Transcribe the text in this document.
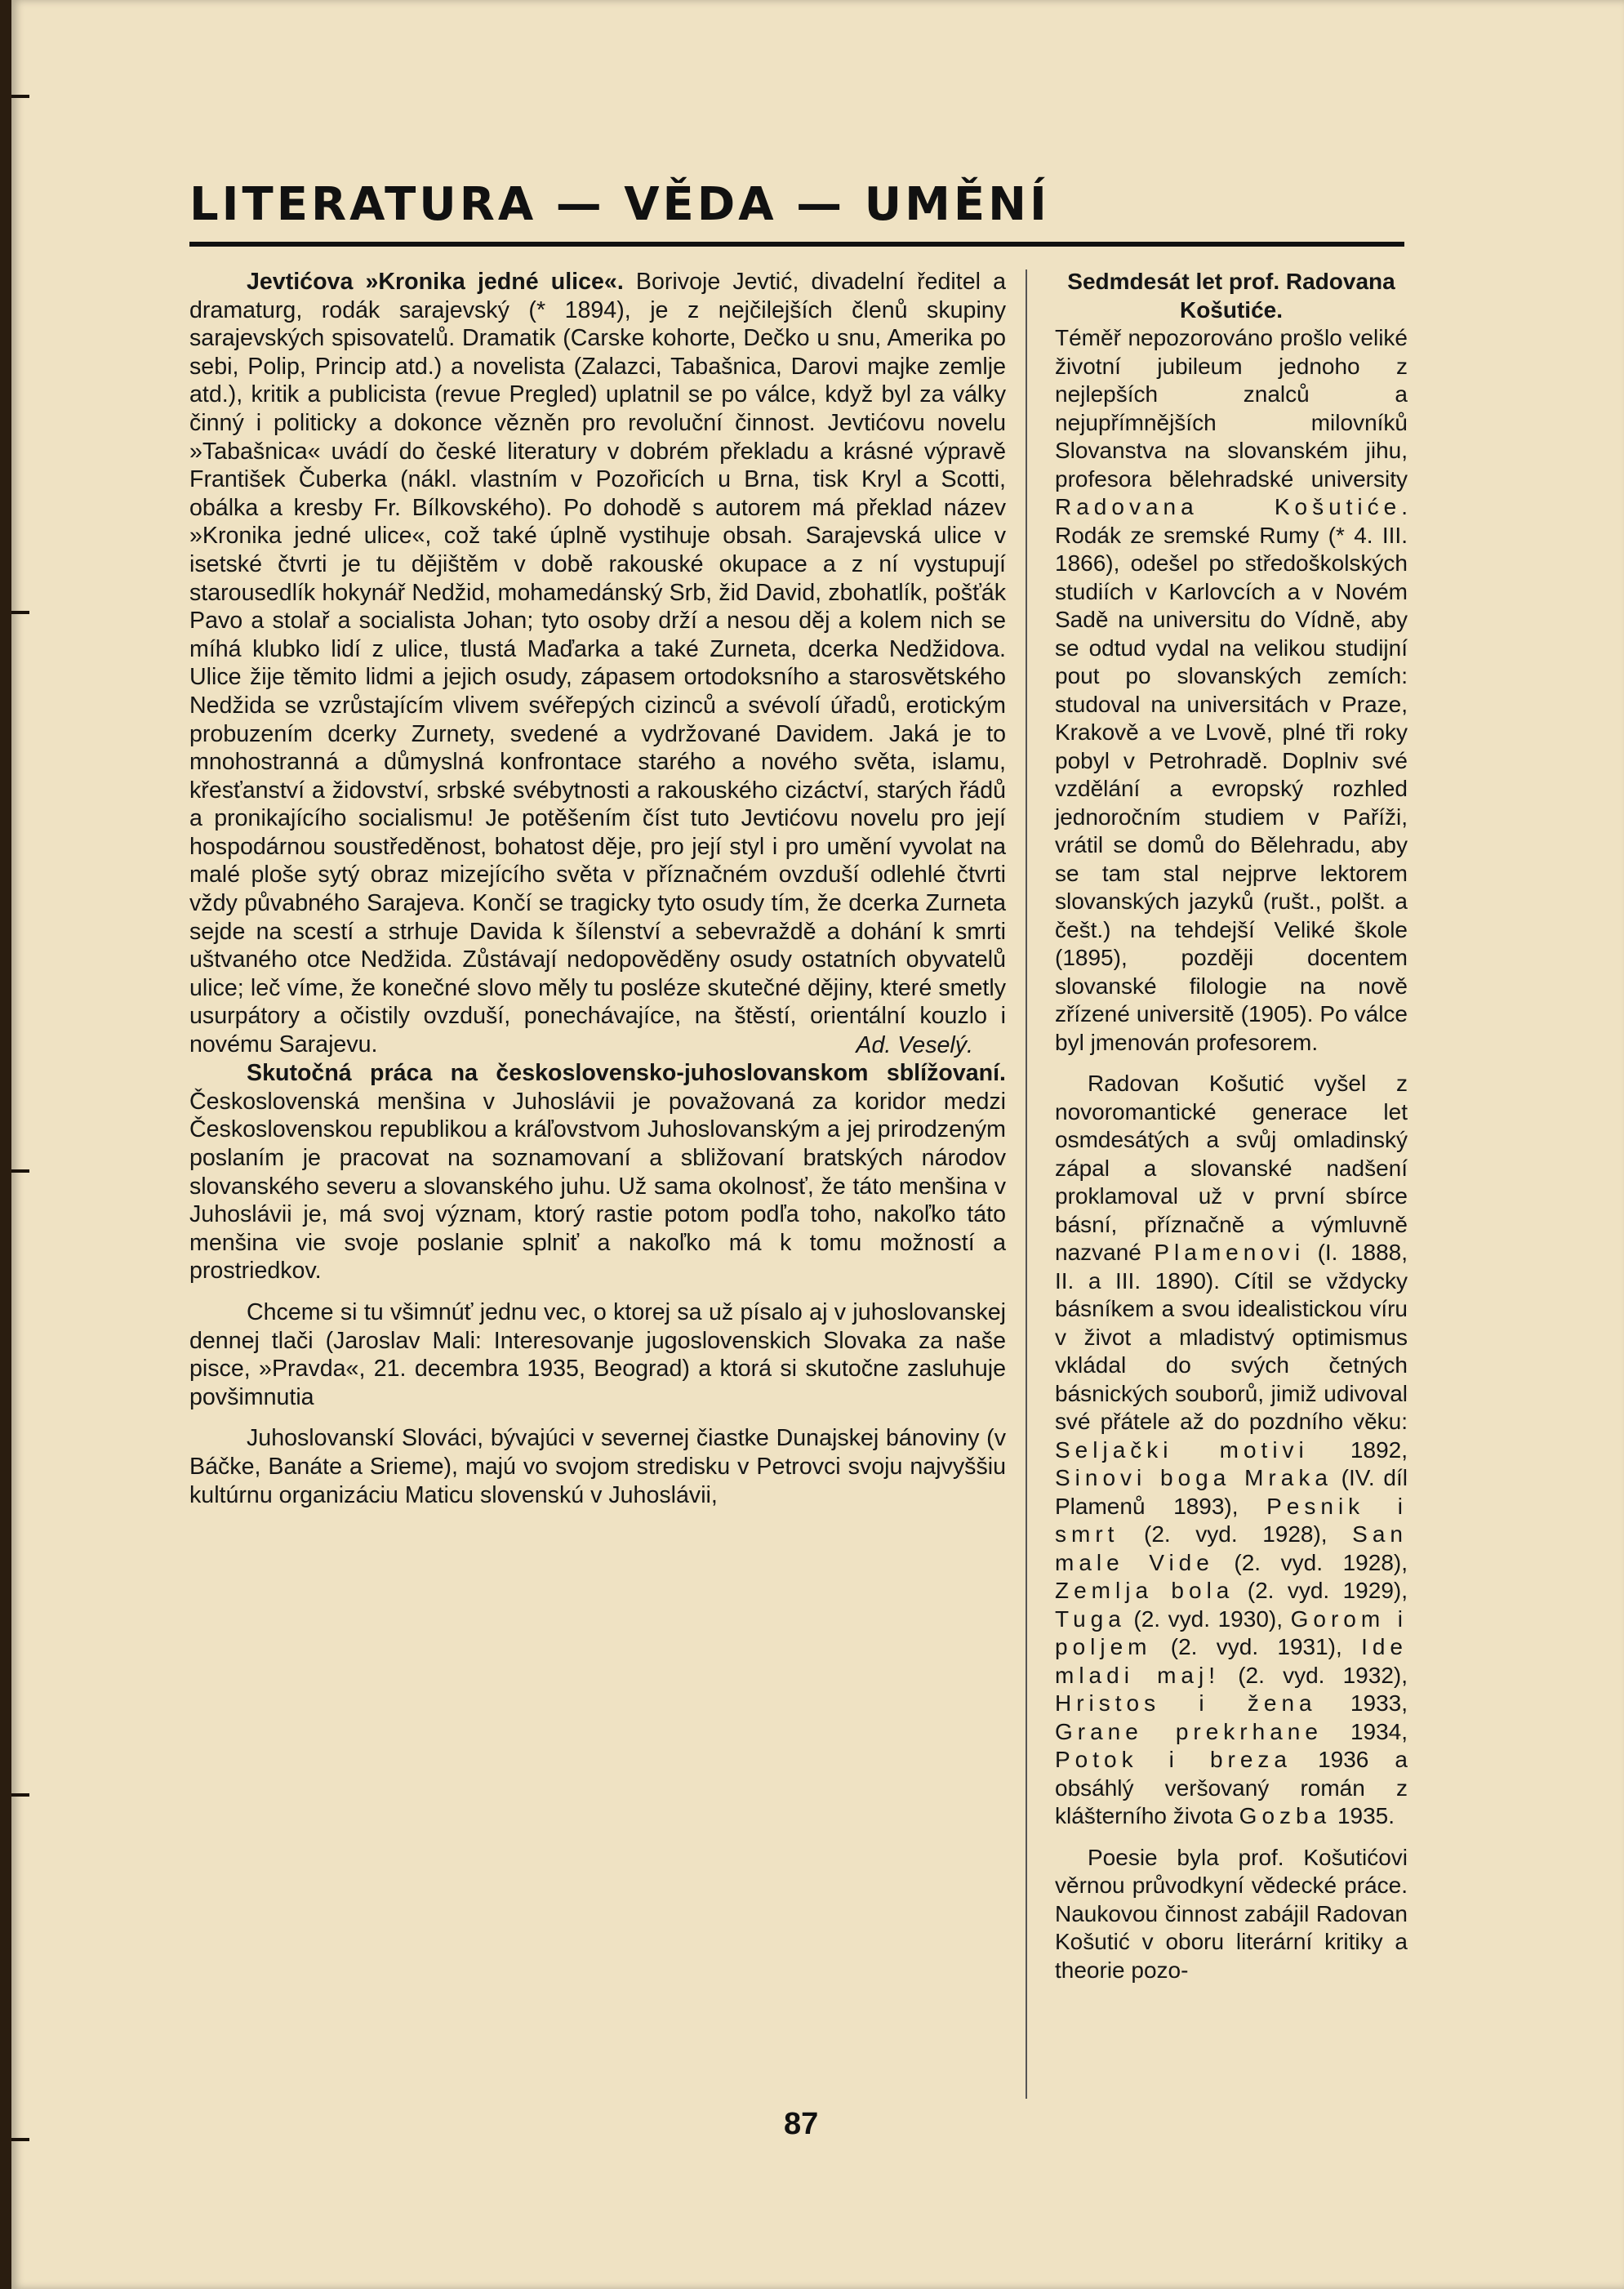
LITERATURA — VĚDA — UMĚNÍ

Jevtićova »Kronika jedné ulice«. Borivoje Jevtić, divadelní ředitel a dramaturg, rodák sarajevský (* 1894), je z nejčilejších členů skupiny sarajevských spisovatelů. Dramatik (Carske kohorte, Dečko u snu, Amerika po sebi, Polip, Princip atd.) a novelista (Zalazci, Tabašnica, Darovi majke zemlje atd.), kritik a publicista (revue Pregled) uplatnil se po válce, když byl za války činný i politicky a dokonce vězněn pro revoluční činnost. Jevtićovu novelu »Tabašnica« uvádí do české literatury v dobrém překladu a krásné výpravě František Čuberka (nákl. vlastním v Pozořicích u Brna, tisk Kryl a Scotti, obálka a kresby Fr. Bílkovského). Po dohodě s autorem má překlad název »Kronika jedné ulice«, což také úplně vystihuje obsah. Sarajevská ulice v isetské čtvrti je tu dějištěm v době rakouské okupace a z ní vystupují starousedlík hokynář Nedžid, mohamedánský Srb, žid David, zbohatlík, pošťák Pavo a stolař a socialista Johan; tyto osoby drží a nesou děj a kolem nich se míhá klubko lidí z ulice, tlustá Maďarka a také Zurneta, dcerka Nedžidova. Ulice žije těmito lidmi a jejich osudy, zápasem ortodoksního a starosvětského Nedžida se vzrůstajícím vlivem svéřepých cizinců a svévolí úřadů, erotickým probuzením dcerky Zurnety, svedené a vydržované Davidem. Jaká je to mnohostranná a důmyslná konfrontace starého a nového světa, islamu, křesťanství a židovství, srbské svébytnosti a rakouského cizáctví, starých řádů a pronikajícího socialismu! Je potěšením číst tuto Jevtićovu novelu pro její hospodárnou soustředěnost, bohatost děje, pro její styl i pro umění vyvolat na malé ploše sytý obraz mizejícího světa v příznačném ovzduší odlehlé čtvrti vždy půvabného Sarajeva. Končí se tragicky tyto osudy tím, že dcerka Zurneta sejde na scestí a strhuje Davida k šílenství a sebevraždě a dohání k smrti uštvaného otce Nedžida. Zůstávají nedopověděny osudy ostatních obyvatelů ulice; leč víme, že konečné slovo měly tu posléze skutečné dějiny, které smetly usurpátory a očistily ovzduší, ponechávajíce, na štěstí, orientální kouzlo i novému Sarajevu.	Ad. Veselý.

Skutočná práca na československo-juhoslovanskom sblížovaní. Československá menšina v Juhoslávii je považovaná za koridor medzi Československou republikou a kráľovstvom Juhoslovanským a jej prirodzeným poslaním je pracovat na soznamovaní a sbližovaní bratských národov slovanského severu a slovanského juhu. Už sama okolnosť, že táto menšina v Juhoslávii je, má svoj význam, ktorý rastie potom podľa toho, nakoľko táto menšina vie svoje poslanie splniť a nakoľko má k tomu možností a prostriedkov.

Chceme si tu všimnúť jednu vec, o ktorej sa už písalo aj v juhoslovanskej dennej tlači (Jaroslav Mali: Interesovanje jugoslovenskich Slovaka za naše pisce, »Pravda«, 21. decembra 1935, Beograd) a ktorá si skutočne zasluhuje povšimnutia

Juhoslovanskí Slováci, bývajúci v severnej čiastke Dunajskej bánoviny (v Báčke, Banáte a Srieme), majú vo svojom stredisku v Petrovci svoju najvyššiu kultúrnu organizáciu Maticu slovenskú v Juhoslávii,

Sedmdesát let prof. Radovana Košutiće.

Téměř nepozorováno prošlo veliké životní jubileum jednoho z nejlepších znalců a nejupřímnějších milovníků Slovanstva na slovanském jihu, profesora bělehradské university Radovana Košutiće. Rodák ze sremské Rumy (* 4. III. 1866), odešel po středoškolských studiích v Karlovcích a v Novém Sadě na universitu do Vídně, aby se odtud vydal na velikou studijní pout po slovanských zemích: studoval na universitách v Praze, Krakově a ve Lvově, plné tři roky pobyl v Petrohradě. Doplniv své vzdělání a evropský rozhled jednoročním studiem v Paříži, vrátil se domů do Bělehradu, aby se tam stal nejprve lektorem slovanských jazyků (rušt., polšt. a češt.) na tehdejší Veliké škole (1895), později docentem slovanské filologie na nově zřízené universitě (1905). Po válce byl jmenován profesorem.

Radovan Košutić vyšel z novoromantické generace let osmdesátých a svůj omladinský zápal a slovanské nadšení proklamoval už v první sbírce básní, příznačně a výmluvně nazvané Plamenovi (I. 1888, II. a III. 1890). Cítil se vždycky básníkem a svou idealistickou víru v život a mladistvý optimismus vkládal do svých četných básnických souborů, jimiž udivoval své přátele až do pozdního věku: Seljački motivi 1892, Sinovi boga Mraka (IV. díl Plamenů 1893), Pesnik i smrt (2. vyd. 1928), San male Vide (2. vyd. 1928), Zemlja bola (2. vyd. 1929), Tuga (2. vyd. 1930), Gorom i poljem (2. vyd. 1931), Ide mladi maj! (2. vyd. 1932), Hristos i žena 1933, Grane prekrhane 1934, Potok i breza 1936 a obsáhlý veršovaný román z klášterního života Gozba 1935.

Poesie byla prof. Košutićovi věrnou průvodkyní vědecké práce. Naukovou činnost zabájil Radovan Košutić v oboru literární kritiky a theorie pozo-

87
